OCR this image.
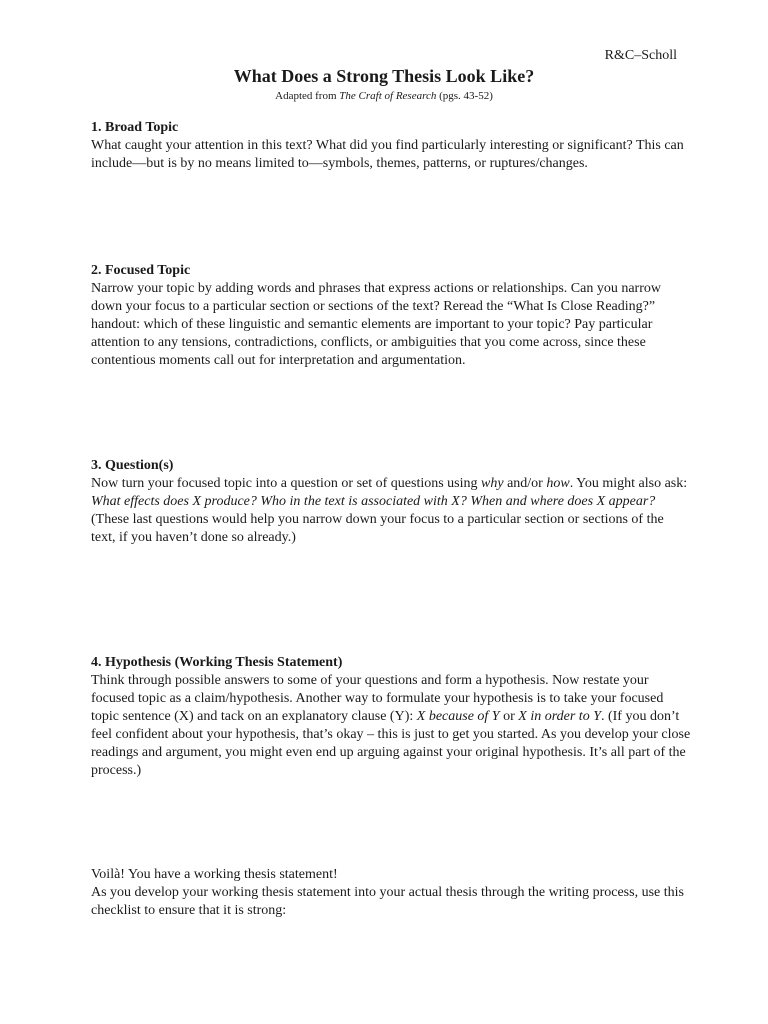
R&C–Scholl
What Does a Strong Thesis Look Like?
Adapted from The Craft of Research (pgs. 43-52)
1. Broad Topic

What caught your attention in this text? What did you find particularly interesting or significant? This can include—but is by no means limited to—symbols, themes, patterns, or ruptures/changes.

2. Focused Topic

Narrow your topic by adding words and phrases that express actions or relationships. Can you narrow down your focus to a particular section or sections of the text? Reread the “What Is Close Reading?” handout: which of these linguistic and semantic elements are important to your topic? Pay particular attention to any tensions, contradictions, conflicts, or ambiguities that you come across, since these contentious moments call out for interpretation and argumentation.

3. Question(s)

Now turn your focused topic into a question or set of questions using why and/or how. You might also ask: What effects does X produce? Who in the text is associated with X? When and where does X appear? (These last questions would help you narrow down your focus to a particular section or sections of the text, if you haven’t done so already.)

4. Hypothesis (Working Thesis Statement)

Think through possible answers to some of your questions and form a hypothesis. Now restate your focused topic as a claim/hypothesis. Another way to formulate your hypothesis is to take your focused topic sentence (X) and tack on an explanatory clause (Y): X because of Y or X in order to Y. (If you don’t feel confident about your hypothesis, that’s okay – this is just to get you started. As you develop your close readings and argument, you might even end up arguing against your original hypothesis. It’s all part of the process.)

Voilà! You have a working thesis statement!

As you develop your working thesis statement into your actual thesis through the writing process, use this checklist to ensure that it is strong:
